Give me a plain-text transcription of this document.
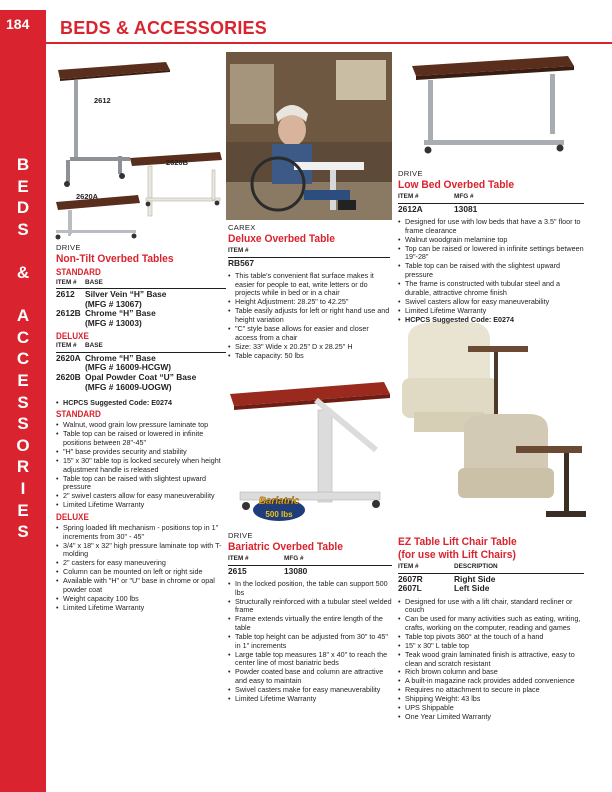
184	BEDS & ACCESSORIES
B
E
D
S
&
A
C
C
E
S
S
O
R
I
E
S
2612
2620B
2620A
Bariatric
500 lbs
DRIVE
Non-Tilt Overbed Tables
STANDARD
ITEM #	BASE
2612	Silver Vein “H” Base
(MFG # 13067)
2612B Chrome “H” Base
(MFG # 13003)
DELUXE
ITEM #	BASE
2620A Chrome “H” Base
(MFG # 16009-HCGW)
2620B Opal Powder Coat “U” Base
(MFG # 16009-UOGW)
• HCPCS Suggested Code: E0274
STANDARD
• Walnut, wood grain low pressure laminate top
• Table top can be raised or lowered in infinite positions between 28"-45"
• "H" base provides security and stability
• 15" x 30" table top is locked securely when height adjustment handle is released
• Table top can be raised with slightest upward pressure
• 2" swivel casters allow for easy maneuverability
• Limited Lifetime Warranty
DELUXE
• Spring loaded lift mechanism - positions top in 1" increments from 30" - 45"
• 3/4" x 18" x 32" high pressure laminate top with T-molding
• 2" casters for easy maneuvering
• Column can be mounted on left or right side
• Available with "H" or "U" base in chrome or opal powder coat
• Weight capacity 100 lbs
• Limited Lifetime Warranty
CAREX
Deluxe Overbed Table
ITEM #
RB567
• This table's convenient flat surface makes it easier for people to eat, write letters or do projects while in bed or in a chair
• Height Adjustment: 28.25" to 42.25"
• Table easily adjusts for left or right hand use and height variation
• "C" style base allows for easier and closer access from a chair
• Size: 33" Wide x 20.25" D x 28.25" H
• Table capacity: 50 lbs
DRIVE
Bariatric Overbed Table
ITEM #	MFG #
2615	13080
• In the locked position, the table can support 500 lbs
• Structurally reinforced with a tubular steel welded frame
• Frame extends virtually the entire length of the table
• Table top height can be adjusted from 30" to 45" in 1" increments
• Large table top measures 18" x 40" to reach the center line of most bariatric beds
• Powder coated base and column are attractive and easy to maintain
• Swivel casters make for easy maneuverability
• Limited Lifetime Warranty
DRIVE
Low Bed Overbed Table
ITEM #	MFG #
2612A	13081
• Designed for use with low beds that have a 3.5" floor to frame clearance
• Walnut woodgrain melamine top
• Top can be raised or lowered in infinite settings between 19"-28"
• Table top can be raised with the slightest upward pressure
• The frame is constructed with tubular steel and a durable, attractive chrome finish
• Swivel casters allow for easy maneuverability
• Limited Lifetime Warranty
• HCPCS Suggested Code: E0274
EZ Table Lift Chair Table
(for use with Lift Chairs)
ITEM #	DESCRIPTION
2607R	Right Side
2607L	Left Side
• Designed for use with a lift chair, standard recliner or couch
• Can be used for many activities such as eating, writing, crafts, working on the computer, reading and games
• Table top pivots 360° at the touch of a hand
• 15" x 30" L table top
• Teak wood grain laminated finish is attractive, easy to clean and scratch resistant
• Rich brown column and base
• A built-in magazine rack provides added convenience
• Requires no attachment to secure in place
• Shipping Weight: 43 lbs
• UPS Shippable
• One Year Limited Warranty
